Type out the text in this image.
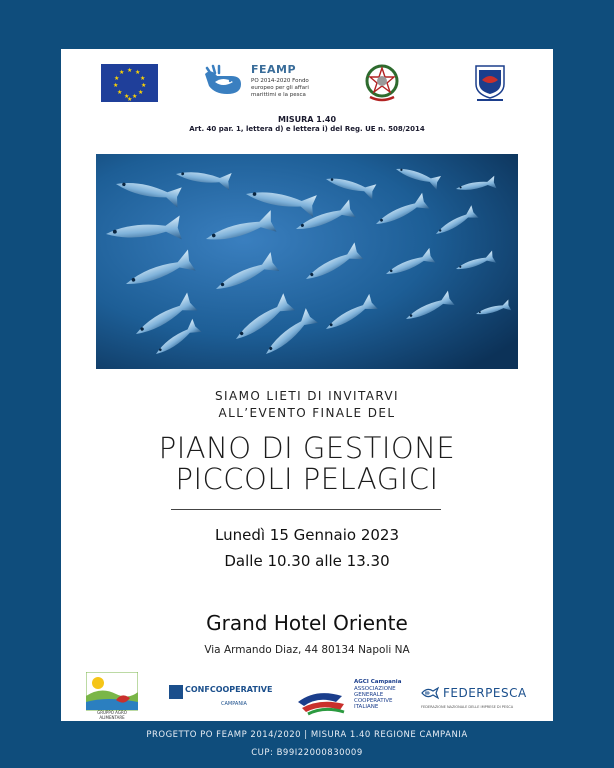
★ ★
★
★
★
★
★
★
★
★
★
★
FEAMP
PO 2014-2020 Fondo europeo per gli affari marittimi e la pesca
MISURA 1.40
Art. 40 par. 1, lettera d) e lettera i) del Reg. UE n. 508/2014
SIAMO LIETI DI INVITARVI
ALL’EVENTO FINALE DEL
PIANO DI GESTIONE
PICCOLI PELAGICI
Lunedì 15 Gennaio 2023
Dalle 10.30 alle 13.30
Grand Hotel Oriente
Via Armando Diaz, 44 80134 Napoli NA
GRUPPO AGRO ALIMENTARE
CONFCOOPERATIVE
CAMPANIA
AGCI Campania
ASSOCIAZIONE GENERALE COOPERATIVE ITALIANE
FEDERPESCA
FEDERAZIONE NAZIONALE DELLE IMPRESE DI PESCA
PROGETTO PO FEAMP 2014/2020 | MISURA 1.40 REGIONE CAMPANIA
CUP: B99I22000830009
